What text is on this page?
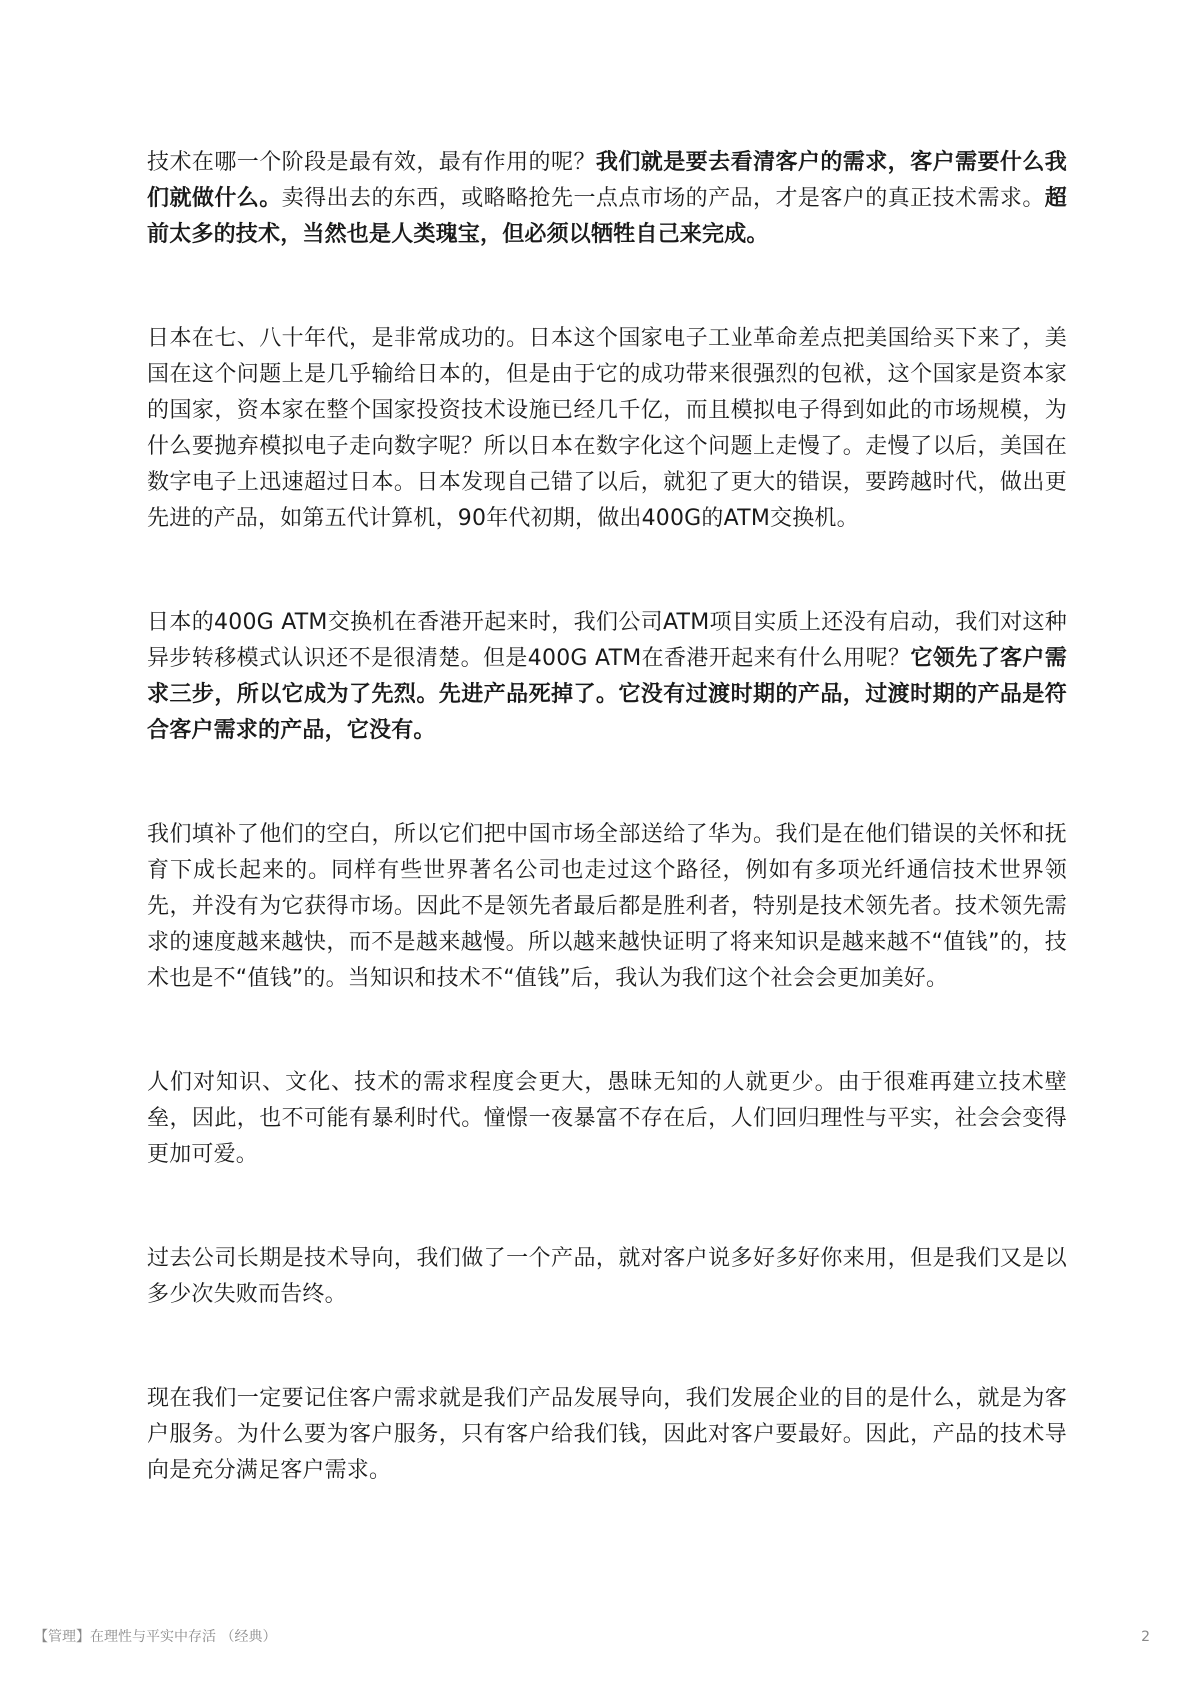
技术在哪一个阶段是最有效，最有作用的呢？我们就是要去看清客户的需求，客户需要什么我们就做什么。卖得出去的东西，或略略抢先一点点市场的产品，才是客户的真正技术需求。超前太多的技术，当然也是人类瑰宝，但必须以牺牲自己来完成。

日本在七、八十年代，是非常成功的。日本这个国家电子工业革命差点把美国给买下来了，美国在这个问题上是几乎输给日本的，但是由于它的成功带来很强烈的包袱，这个国家是资本家的国家，资本家在整个国家投资技术设施已经几千亿，而且模拟电子得到如此的市场规模，为什么要抛弃模拟电子走向数字呢？所以日本在数字化这个问题上走慢了。走慢了以后，美国在数字电子上迅速超过日本。日本发现自己错了以后，就犯了更大的错误，要跨越时代，做出更先进的产品，如第五代计算机，90年代初期，做出400G的ATM交换机。

日本的400G ATM交换机在香港开起来时，我们公司ATM项目实质上还没有启动，我们对这种异步转移模式认识还不是很清楚。但是400G ATM在香港开起来有什么用呢？它领先了客户需求三步，所以它成为了先烈。先进产品死掉了。它没有过渡时期的产品，过渡时期的产品是符合客户需求的产品，它没有。

我们填补了他们的空白，所以它们把中国市场全部送给了华为。我们是在他们错误的关怀和抚育下成长起来的。同样有些世界著名公司也走过这个路径，例如有多项光纤通信技术世界领先，并没有为它获得市场。因此不是领先者最后都是胜利者，特别是技术领先者。技术领先需求的速度越来越快，而不是越来越慢。所以越来越快证明了将来知识是越来越不“值钱”的，技术也是不“值钱”的。当知识和技术不“值钱”后，我认为我们这个社会会更加美好。

人们对知识、文化、技术的需求程度会更大，愚昧无知的人就更少。由于很难再建立技术壁垒，因此，也不可能有暴利时代。憧憬一夜暴富不存在后，人们回归理性与平实，社会会变得更加可爱。

过去公司长期是技术导向，我们做了一个产品，就对客户说多好多好你来用，但是我们又是以多少次失败而告终。

现在我们一定要记住客户需求就是我们产品发展导向，我们发展企业的目的是什么，就是为客户服务。为什么要为客户服务，只有客户给我们钱，因此对客户要最好。因此，产品的技术导向是充分满足客户需求。

【管理】在理性与平实中存活 （经典）	2
